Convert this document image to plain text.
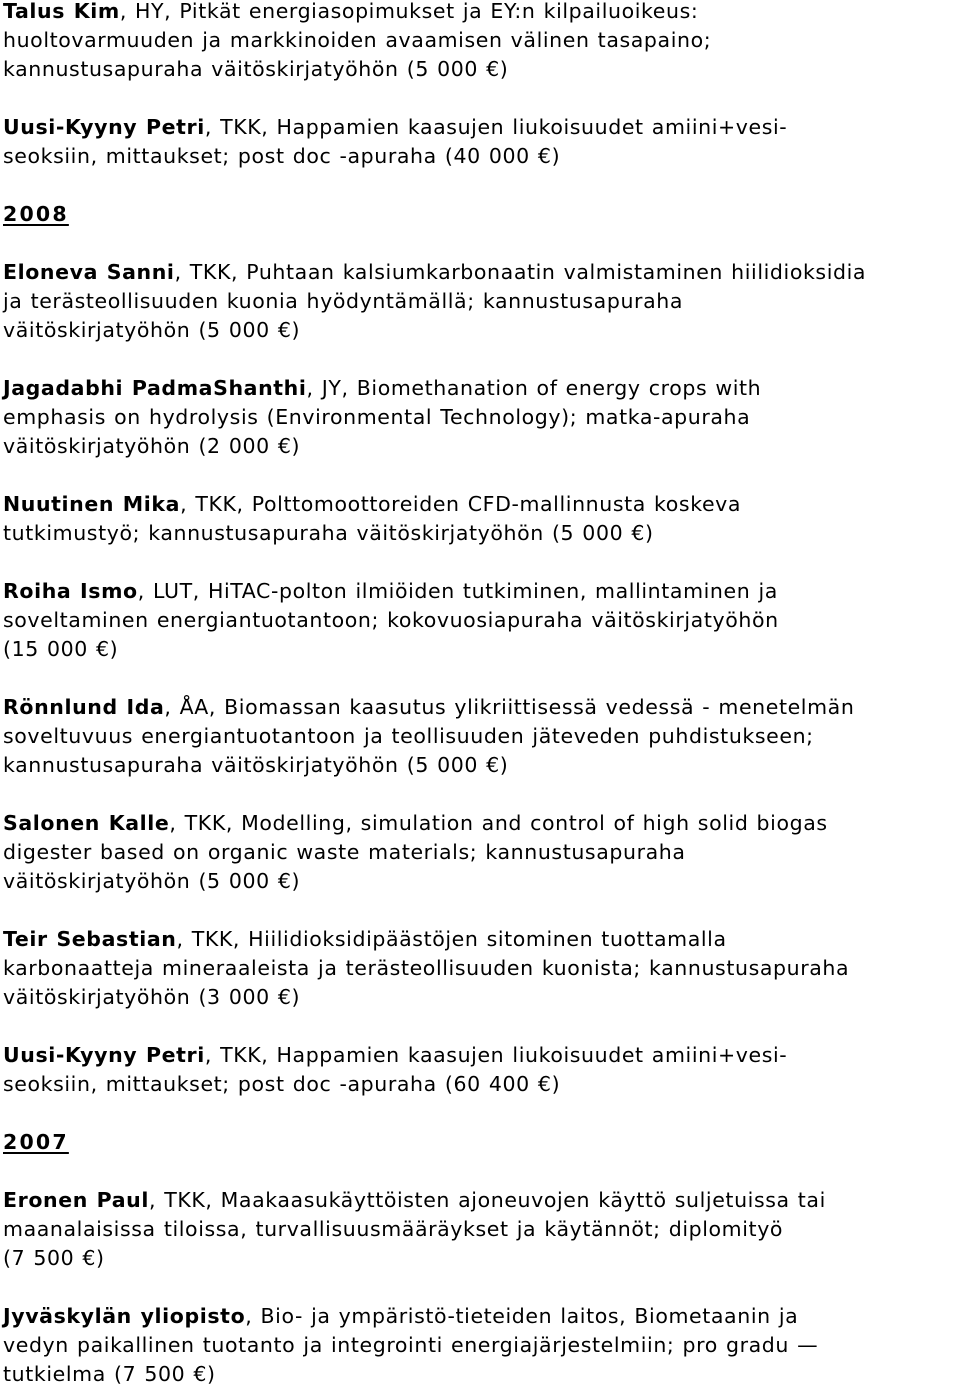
Talus Kim, HY, Pitkät energiasopimukset ja EY:n kilpailuoikeus:
huoltovarmuuden ja markkinoiden avaamisen välinen tasapaino;
kannustusapuraha väitöskirjatyöhön (5 000 €)
Uusi-Kyyny Petri, TKK, Happamien kaasujen liukoisuudet amiini+vesi-
seoksiin, mittaukset; post doc -apuraha (40 000 €)
2008
Eloneva Sanni, TKK, Puhtaan kalsiumkarbonaatin valmistaminen hiilidioksidia
ja terästeollisuuden kuonia hyödyntämällä; kannustusapuraha
väitöskirjatyöhön (5 000 €)
Jagadabhi PadmaShanthi, JY, Biomethanation of energy crops with
emphasis on hydrolysis (Environmental Technology); matka-apuraha
väitöskirjatyöhön (2 000 €)
Nuutinen Mika, TKK, Polttomoottoreiden CFD-mallinnusta koskeva
tutkimustyö; kannustusapuraha väitöskirjatyöhön (5 000 €)
Roiha Ismo, LUT, HiTAC-polton ilmiöiden tutkiminen, mallintaminen ja
soveltaminen energiantuotantoon; kokovuosiapuraha väitöskirjatyöhön
(15 000 €)
Rönnlund Ida, ÅA, Biomassan kaasutus ylikriittisessä vedessä - menetelmän
soveltuvuus energiantuotantoon ja teollisuuden jäteveden puhdistukseen;
kannustusapuraha väitöskirjatyöhön (5 000 €)
Salonen Kalle, TKK, Modelling, simulation and control of high solid biogas
digester based on organic waste materials; kannustusapuraha
väitöskirjatyöhön (5 000 €)
Teir Sebastian, TKK, Hiilidioksidipäästöjen sitominen tuottamalla
karbonaatteja mineraaleista ja terästeollisuuden kuonista; kannustusapuraha
väitöskirjatyöhön (3 000 €)
Uusi-Kyyny Petri, TKK, Happamien kaasujen liukoisuudet amiini+vesi-
seoksiin, mittaukset; post doc -apuraha (60 400 €)
2007
Eronen Paul, TKK, Maakaasukäyttöisten ajoneuvojen käyttö suljetuissa tai
maanalaisissa tiloissa, turvallisuusmääräykset ja käytännöt; diplomityö
(7 500 €)
Jyväskylän yliopisto, Bio- ja ympäristö-tieteiden laitos, Biometaanin ja
vedyn paikallinen tuotanto ja integrointi energiajärjestelmiin; pro gradu —
tutkielma (7 500 €)
